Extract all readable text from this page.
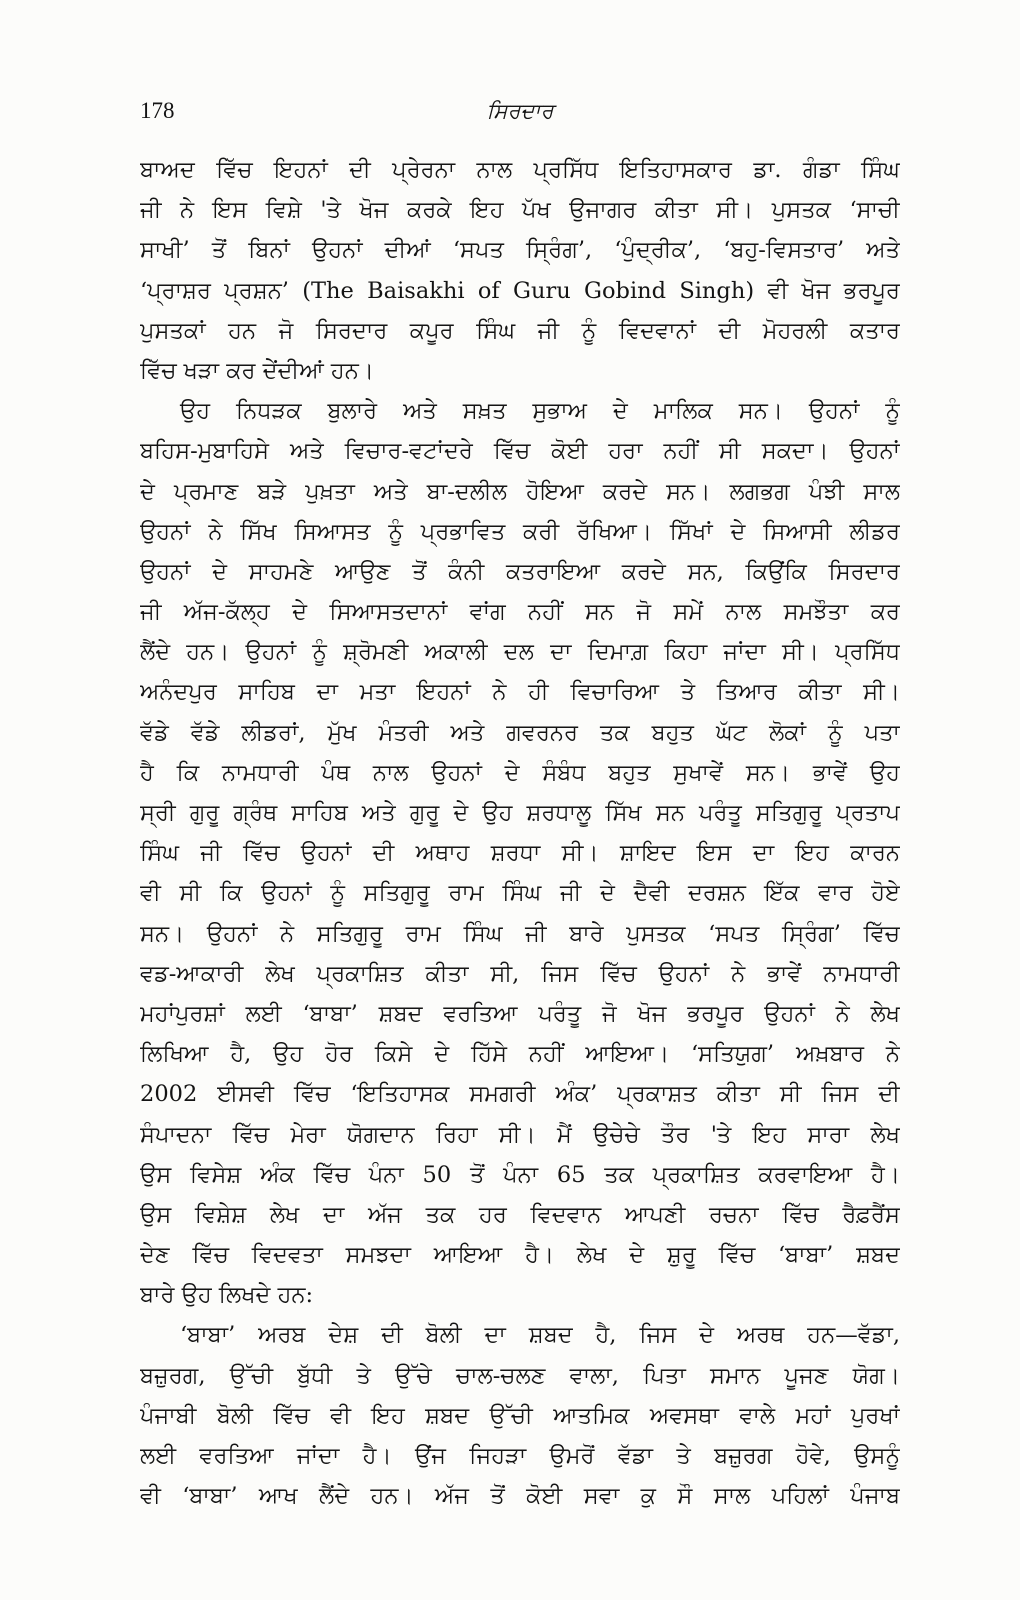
178	ਸਿਰਦਾਰ
ਬਾਅਦ ਵਿੱਚ ਇਹਨਾਂ ਦੀ ਪ੍ਰੇਰਨਾ ਨਾਲ ਪ੍ਰਸਿੱਧ ਇਤਿਹਾਸਕਾਰ ਡਾ. ਗੰਡਾ ਸਿੰਘ
ਜੀ ਨੇ ਇਸ ਵਿਸ਼ੇ 'ਤੇ ਖੋਜ ਕਰਕੇ ਇਹ ਪੱਖ ਉਜਾਗਰ ਕੀਤਾ ਸੀ। ਪੁਸਤਕ ‘ਸਾਚੀ
ਸਾਖੀ’ ਤੋਂ ਬਿਨਾਂ ਉਹਨਾਂ ਦੀਆਂ ‘ਸਪਤ ਸ੍ਰਿੰਗ’, ‘ਪੁੰਦ੍ਰੀਕ’, ‘ਬਹੁ-ਵਿਸਤਾਰ’ ਅਤੇ
‘ਪ੍ਰਾਸ਼ਰ ਪ੍ਰਸ਼ਨ’ (The Baisakhi of Guru Gobind Singh) ਵੀ ਖੋਜ ਭਰਪੂਰ
ਪੁਸਤਕਾਂ ਹਨ ਜੋ ਸਿਰਦਾਰ ਕਪੂਰ ਸਿੰਘ ਜੀ ਨੂੰ ਵਿਦਵਾਨਾਂ ਦੀ ਮੋਹਰਲੀ ਕਤਾਰ
ਵਿੱਚ ਖੜਾ ਕਰ ਦੇਂਦੀਆਂ ਹਨ।
ਉਹ ਨਿਧੜਕ ਬੁਲਾਰੇ ਅਤੇ ਸਖ਼ਤ ਸੁਭਾਅ ਦੇ ਮਾਲਿਕ ਸਨ। ਉਹਨਾਂ ਨੂੰ
ਬਹਿਸ-ਮੁਬਾਹਿਸੇ ਅਤੇ ਵਿਚਾਰ-ਵਟਾਂਦਰੇ ਵਿੱਚ ਕੋਈ ਹਰਾ ਨਹੀਂ ਸੀ ਸਕਦਾ। ਉਹਨਾਂ
ਦੇ ਪ੍ਰਮਾਣ ਬੜੇ ਪੁਖ਼ਤਾ ਅਤੇ ਬਾ-ਦਲੀਲ ਹੋਇਆ ਕਰਦੇ ਸਨ। ਲਗਭਗ ਪੰਝੀ ਸਾਲ
ਉਹਨਾਂ ਨੇ ਸਿੱਖ ਸਿਆਸਤ ਨੂੰ ਪ੍ਰਭਾਵਿਤ ਕਰੀ ਰੱਖਿਆ। ਸਿੱਖਾਂ ਦੇ ਸਿਆਸੀ ਲੀਡਰ
ਉਹਨਾਂ ਦੇ ਸਾਹਮਣੇ ਆਉਣ ਤੋਂ ਕੰਨੀ ਕਤਰਾਇਆ ਕਰਦੇ ਸਨ, ਕਿਉਂਕਿ ਸਿਰਦਾਰ
ਜੀ ਅੱਜ-ਕੱਲ੍ਹ ਦੇ ਸਿਆਸਤਦਾਨਾਂ ਵਾਂਗ ਨਹੀਂ ਸਨ ਜੋ ਸਮੇਂ ਨਾਲ ਸਮਝੌਤਾ ਕਰ
ਲੈਂਦੇ ਹਨ। ਉਹਨਾਂ ਨੂੰ ਸ਼੍ਰੋਮਣੀ ਅਕਾਲੀ ਦਲ ਦਾ ਦਿਮਾਗ਼ ਕਿਹਾ ਜਾਂਦਾ ਸੀ। ਪ੍ਰਸਿੱਧ
ਅਨੰਦਪੁਰ ਸਾਹਿਬ ਦਾ ਮਤਾ ਇਹਨਾਂ ਨੇ ਹੀ ਵਿਚਾਰਿਆ ਤੇ ਤਿਆਰ ਕੀਤਾ ਸੀ।
ਵੱਡੇ ਵੱਡੇ ਲੀਡਰਾਂ, ਮੁੱਖ ਮੰਤਰੀ ਅਤੇ ਗਵਰਨਰ ਤਕ ਬਹੁਤ ਘੱਟ ਲੋਕਾਂ ਨੂੰ ਪਤਾ
ਹੈ ਕਿ ਨਾਮਧਾਰੀ ਪੰਥ ਨਾਲ ਉਹਨਾਂ ਦੇ ਸੰਬੰਧ ਬਹੁਤ ਸੁਖਾਵੇਂ ਸਨ। ਭਾਵੇਂ ਉਹ
ਸ੍ਰੀ ਗੁਰੂ ਗ੍ਰੰਥ ਸਾਹਿਬ ਅਤੇ ਗੁਰੂ ਦੇ ਉਹ ਸ਼ਰਧਾਲੂ ਸਿੱਖ ਸਨ ਪਰੰਤੂ ਸਤਿਗੁਰੂ ਪ੍ਰਤਾਪ
ਸਿੰਘ ਜੀ ਵਿੱਚ ਉਹਨਾਂ ਦੀ ਅਥਾਹ ਸ਼ਰਧਾ ਸੀ। ਸ਼ਾਇਦ ਇਸ ਦਾ ਇਹ ਕਾਰਨ
ਵੀ ਸੀ ਕਿ ਉਹਨਾਂ ਨੂੰ ਸਤਿਗੁਰੂ ਰਾਮ ਸਿੰਘ ਜੀ ਦੇ ਦੈਵੀ ਦਰਸ਼ਨ ਇੱਕ ਵਾਰ ਹੋਏ
ਸਨ। ਉਹਨਾਂ ਨੇ ਸਤਿਗੁਰੂ ਰਾਮ ਸਿੰਘ ਜੀ ਬਾਰੇ ਪੁਸਤਕ ‘ਸਪਤ ਸ੍ਰਿੰਗ’ ਵਿੱਚ
ਵਡ-ਆਕਾਰੀ ਲੇਖ ਪ੍ਰਕਾਸ਼ਿਤ ਕੀਤਾ ਸੀ, ਜਿਸ ਵਿੱਚ ਉਹਨਾਂ ਨੇ ਭਾਵੇਂ ਨਾਮਧਾਰੀ
ਮਹਾਂਪੁਰਸ਼ਾਂ ਲਈ ‘ਬਾਬਾ’ ਸ਼ਬਦ ਵਰਤਿਆ ਪਰੰਤੂ ਜੋ ਖੋਜ ਭਰਪੂਰ ਉਹਨਾਂ ਨੇ ਲੇਖ
ਲਿਖਿਆ ਹੈ, ਉਹ ਹੋਰ ਕਿਸੇ ਦੇ ਹਿੱਸੇ ਨਹੀਂ ਆਇਆ। ‘ਸਤਿਯੁਗ’ ਅਖ਼ਬਾਰ ਨੇ
2002 ਈਸਵੀ ਵਿੱਚ ‘ਇਤਿਹਾਸਕ ਸਮਗਰੀ ਅੰਕ’ ਪ੍ਰਕਾਸ਼ਤ ਕੀਤਾ ਸੀ ਜਿਸ ਦੀ
ਸੰਪਾਦਨਾ ਵਿੱਚ ਮੇਰਾ ਯੋਗਦਾਨ ਰਿਹਾ ਸੀ। ਮੈਂ ਉਚੇਚੇ ਤੌਰ 'ਤੇ ਇਹ ਸਾਰਾ ਲੇਖ
ਉਸ ਵਿਸੇਸ਼ ਅੰਕ ਵਿੱਚ ਪੰਨਾ 50 ਤੋਂ ਪੰਨਾ 65 ਤਕ ਪ੍ਰਕਾਸ਼ਿਤ ਕਰਵਾਇਆ ਹੈ।
ਉਸ ਵਿਸ਼ੇਸ਼ ਲੇਖ ਦਾ ਅੱਜ ਤਕ ਹਰ ਵਿਦਵਾਨ ਆਪਣੀ ਰਚਨਾ ਵਿੱਚ ਰੈਫ਼ਰੈਂਸ
ਦੇਣ ਵਿੱਚ ਵਿਦਵਤਾ ਸਮਝਦਾ ਆਇਆ ਹੈ। ਲੇਖ ਦੇ ਸ਼ੁਰੂ ਵਿੱਚ ‘ਬਾਬਾ’ ਸ਼ਬਦ
ਬਾਰੇ ਉਹ ਲਿਖਦੇ ਹਨ:
‘ਬਾਬਾ’ ਅਰਬ ਦੇਸ਼ ਦੀ ਬੋਲੀ ਦਾ ਸ਼ਬਦ ਹੈ, ਜਿਸ ਦੇ ਅਰਥ ਹਨ—ਵੱਡਾ,
ਬਜ਼ੁਰਗ, ਉੱਚੀ ਬੁੱਧੀ ਤੇ ਉੱਚੇ ਚਾਲ-ਚਲਣ ਵਾਲਾ, ਪਿਤਾ ਸਮਾਨ ਪੂਜਣ ਯੋਗ।
ਪੰਜਾਬੀ ਬੋਲੀ ਵਿੱਚ ਵੀ ਇਹ ਸ਼ਬਦ ਉੱਚੀ ਆਤਮਿਕ ਅਵਸਥਾ ਵਾਲੇ ਮਹਾਂ ਪੁਰਖਾਂ
ਲਈ ਵਰਤਿਆ ਜਾਂਦਾ ਹੈ। ਉਂਜ ਜਿਹੜਾ ਉਮਰੋਂ ਵੱਡਾ ਤੇ ਬਜ਼ੁਰਗ ਹੋਵੇ, ਉਸਨੂੰ
ਵੀ ‘ਬਾਬਾ’ ਆਖ ਲੈਂਦੇ ਹਨ। ਅੱਜ ਤੋਂ ਕੋਈ ਸਵਾ ਕੁ ਸੌ ਸਾਲ ਪਹਿਲਾਂ ਪੰਜਾਬ
